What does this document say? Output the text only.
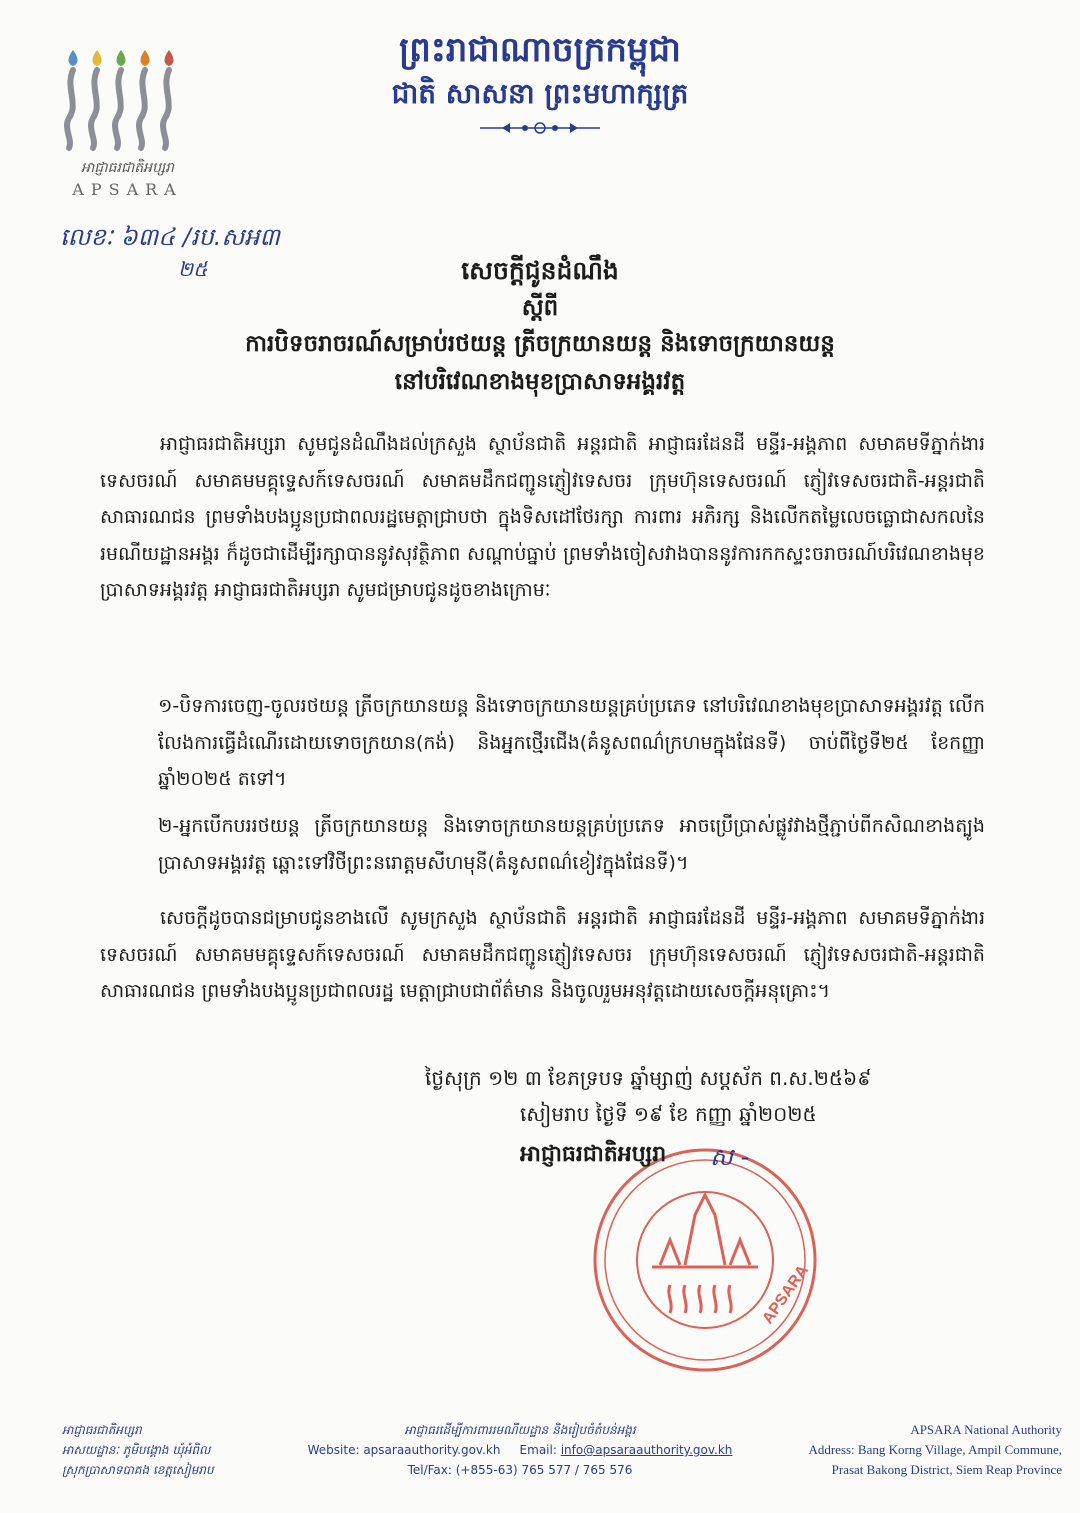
អាជ្ញាធរជាតិអប្សរា
APSARA
ព្រះរាជាណាចក្រកម្ពុជា
ជាតិ សាសនា ព្រះមហាក្សត្រ
លេខៈ ៦៣៤ /រប.សអ៣
២៥	សេចក្តីជូនដំណឹង
ស្តីពី
ការបិទចរាចរណ៍សម្រាប់រថយន្ត ត្រីចក្រយានយន្ត និងទោចក្រយានយន្ត
នៅបរិវេណខាងមុខប្រាសាទអង្គរវត្ត
អាជ្ញាធរជាតិអប្សរា សូមជូនដំណឹងដល់ក្រសួង ស្ថាប័នជាតិ អន្តរជាតិ អាជ្ញាធរដែនដី មន្ទីរ-អង្គភាព សមាគមទីភ្នាក់ងារទេសចរណ៍ សមាគមមគ្គុទ្ទេសក៍ទេសចរណ៍ សមាគមដឹកជញ្ជូនភ្ញៀវទេសចរ ក្រុមហ៊ុនទេសចរណ៍ ភ្ញៀវទេសចរជាតិ-អន្តរជាតិ សាធារណជន ព្រមទាំងបងប្អូនប្រជាពលរដ្ឋមេត្តាជ្រាបថា ក្នុងទិសដៅថែរក្សា ការពារ អភិរក្ស និងលើកតម្លៃលេចធ្លោជាសកលនៃរមណីយដ្ឋានអង្គរ ក៏ដូចជាដើម្បីរក្សាបាននូវសុវត្ថិភាព សណ្តាប់ធ្នាប់ ព្រមទាំងចៀសវាងបាននូវការកកស្ទះចរាចរណ៍បរិវេណខាងមុខប្រាសាទអង្គរវត្ត អាជ្ញាធរជាតិអប្សរា សូមជម្រាបជូនដូចខាងក្រោមៈ
១-បិទការចេញ-ចូលរថយន្ត ត្រីចក្រយានយន្ត និងទោចក្រយានយន្តគ្រប់ប្រភេទ នៅបរិវេណខាងមុខប្រាសាទអង្គរវត្ត លើកលែងការធ្វើដំណើរដោយទោចក្រយាន(កង់) និងអ្នកថ្មើរជើង(គំនូសពណ៌ក្រហមក្នុងផែនទី) ចាប់ពីថ្ងៃទី២៥ ខែកញ្ញា ឆ្នាំ២០២៥ តទៅ។
២-អ្នកបើកបររថយន្ត ត្រីចក្រយានយន្ត និងទោចក្រយានយន្តគ្រប់ប្រភេទ អាចប្រើប្រាស់ផ្លូវវាងថ្មីភ្ជាប់ពីកសិណខាងត្បូងប្រាសាទអង្គរវត្ត ឆ្ពោះទៅវិថីព្រះនរោត្តមសីហមុនី(គំនូសពណ៌ខៀវក្នុងផែនទី)។
សេចក្តីដូចបានជម្រាបជូនខាងលើ សូមក្រសួង ស្ថាប័នជាតិ អន្តរជាតិ អាជ្ញាធរដែនដី មន្ទីរ-អង្គភាព សមាគមទីភ្នាក់ងារទេសចរណ៍ សមាគមមគ្គុទ្ទេសក៍ទេសចរណ៍ សមាគមដឹកជញ្ជូនភ្ញៀវទេសចរ ក្រុមហ៊ុនទេសចរណ៍ ភ្ញៀវទេសចរជាតិ-អន្តរជាតិ សាធារណជន ព្រមទាំងបងប្អូនប្រជាពលរដ្ឋ មេត្តាជ្រាបជាព័ត៌មាន និងចូលរួមអនុវត្តដោយសេចក្តីអនុគ្រោះ។
APSARA
ថ្ងៃសុក្រ ១២ ៣ ខែភទ្របទ ឆ្នាំម្សាញ់ សប្តស័ក ព.ស.២៥៦៩
សៀមរាប ថ្ងៃទី ១៩ ខែ កញ្ញា ឆ្នាំ២០២៥
អាជ្ញាធរជាតិអប្សរា ស -
អាជ្ញាធរជាតិអប្សរា
អាសយដ្ឋានៈ ភូមិបង្គោង ឃុំអំពិល
ស្រុកប្រាសាទបាគង ខេត្តសៀមរាប
អាជ្ញាធរដើម្បីការពាររមណីយដ្ឋាន និងរៀបចំតំបន់អង្គរ
Website: apsaraauthority.gov.kh Email: info@apsaraauthority.gov.kh
Tel/Fax: (+855-63) 765 577 / 765 576
APSARA National Authority
Address: Bang Korng Village, Ampil Commune,
Prasat Bakong District, Siem Reap Province
